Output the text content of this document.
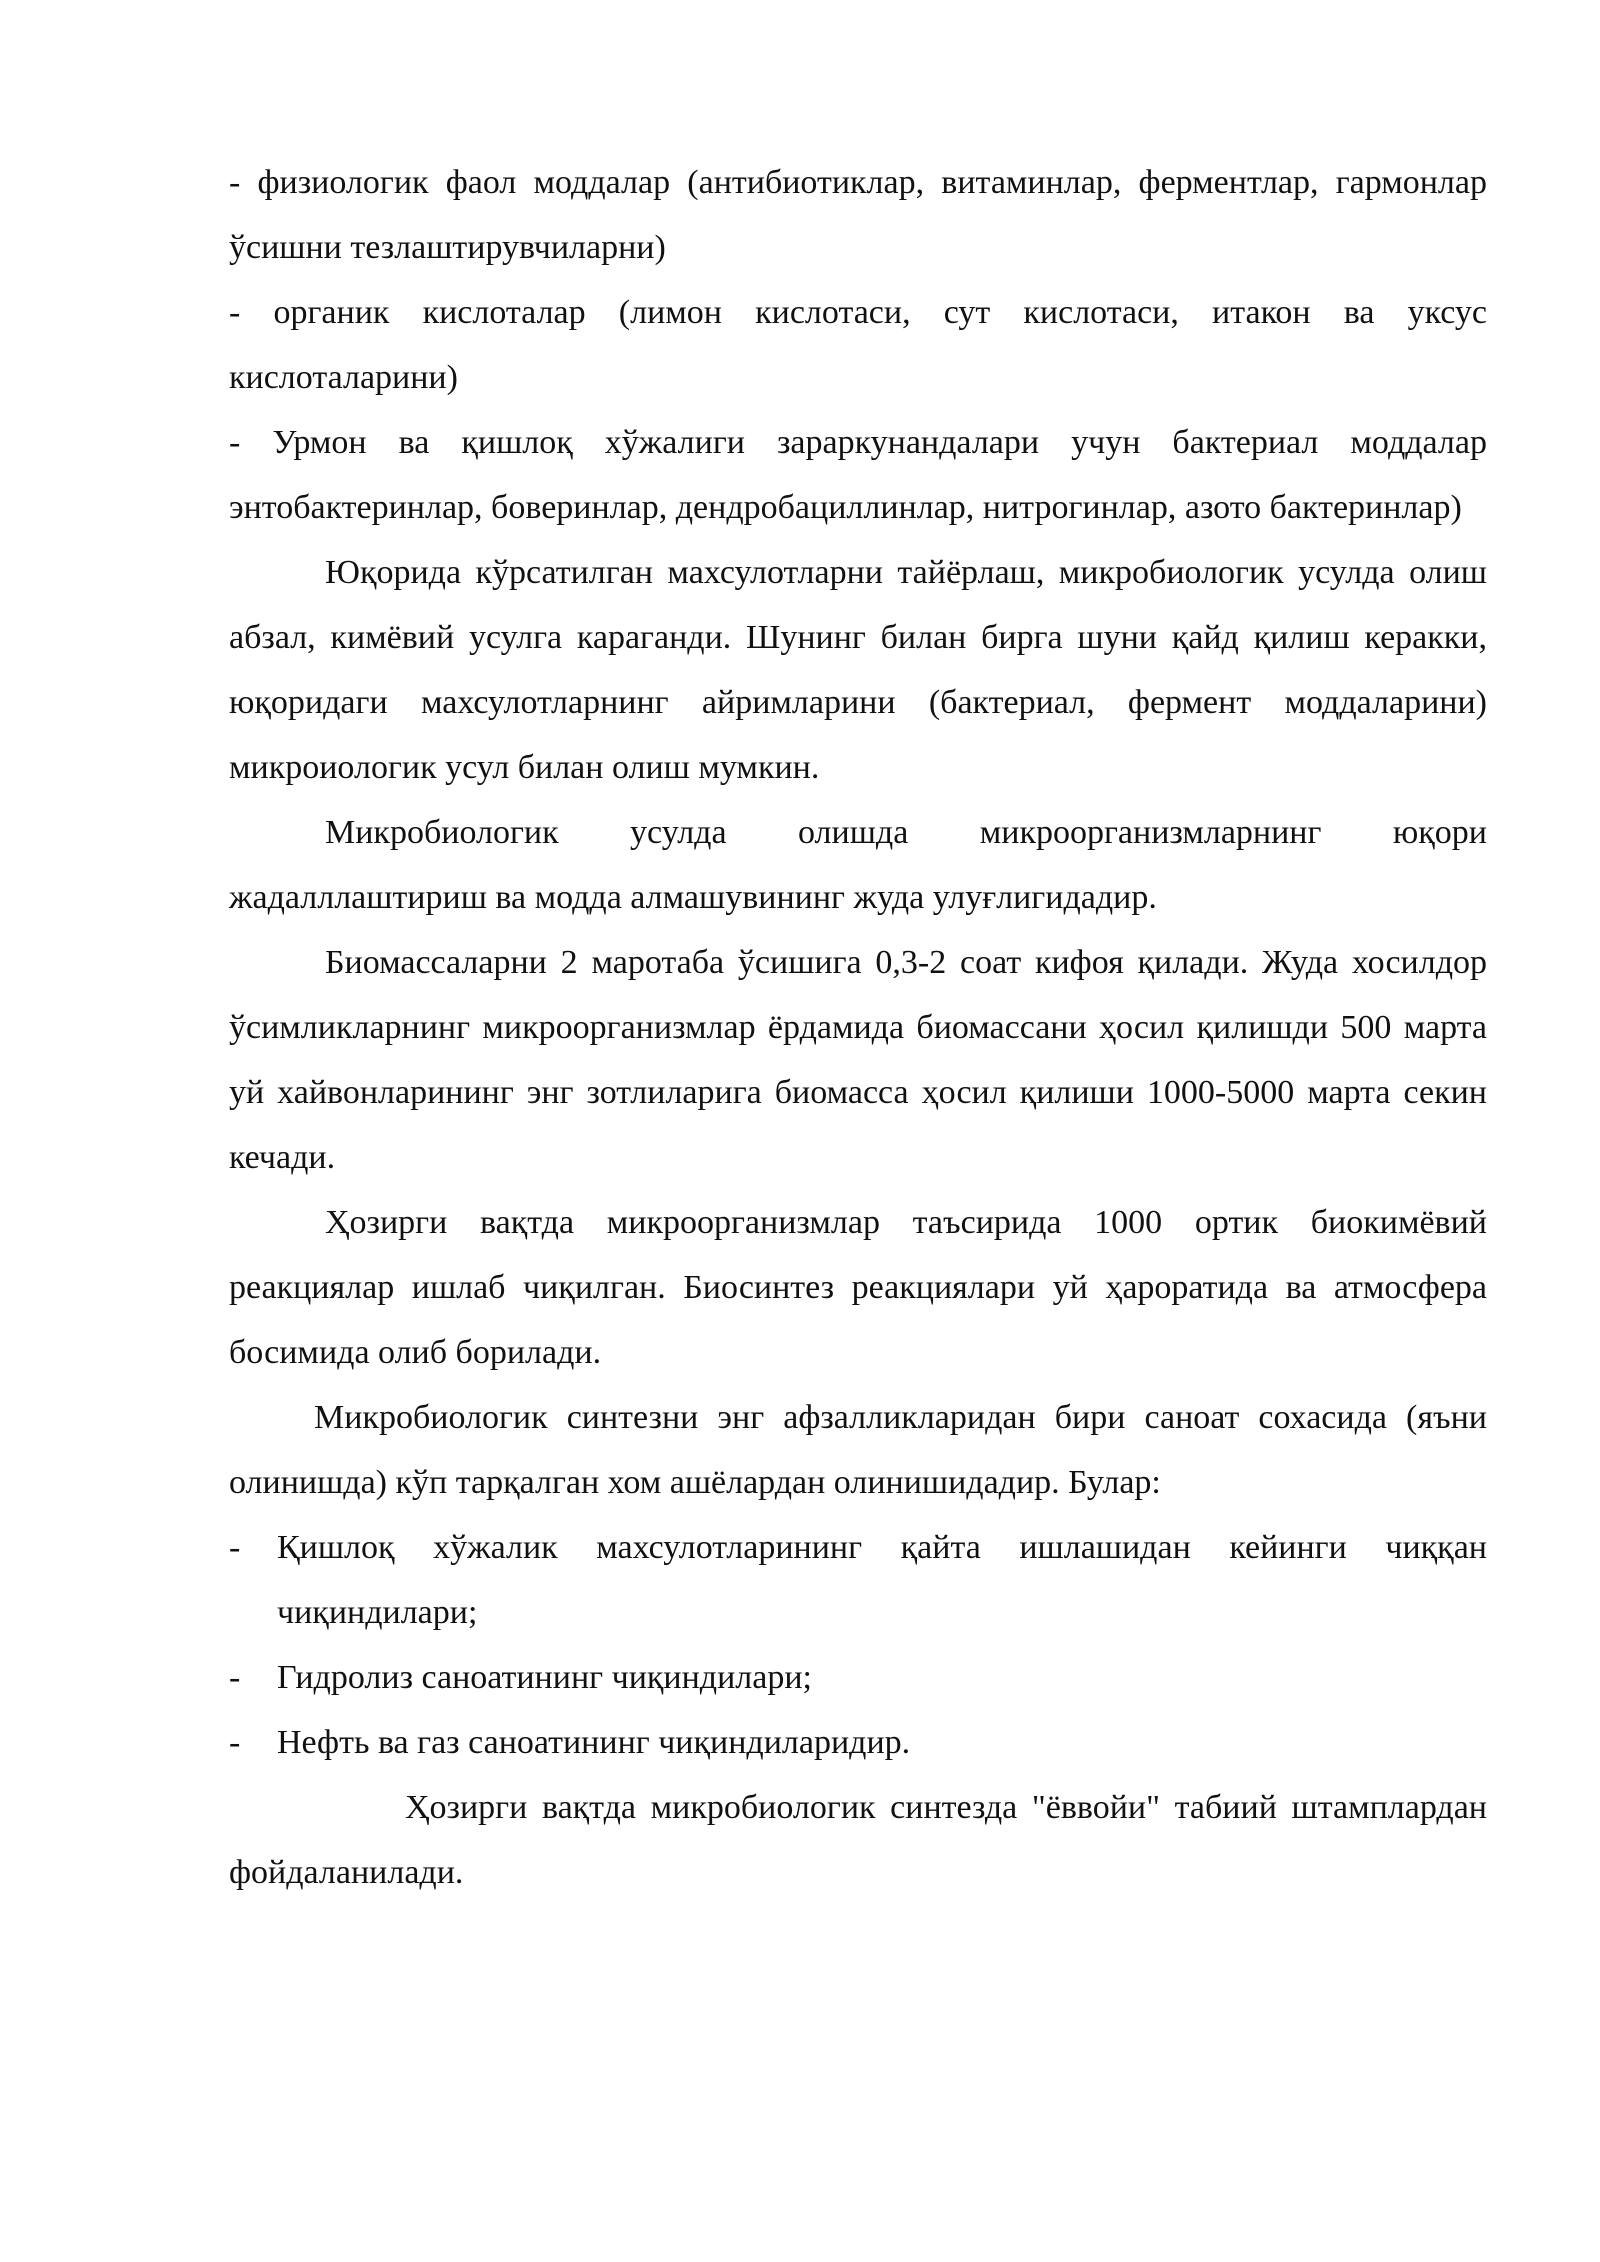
- физиологик фаол моддалар (антибиотиклар, витаминлар, ферментлар, гармонлар ўсишни тезлаштирувчиларни)

- органик кислоталар (лимон кислотаси, сут кислотаси, итакон ва уксус кислоталарини)

- Урмон ва қишлоқ хўжалиги зараркунандалари учун бактериал моддалар энтобактеринлар, боверинлар, дендробациллинлар, нитрогинлар, азото бактеринлар)

Юқорида кўрсатилган махсулотларни тайёрлаш, микробиологик усулда олиш абзал, кимёвий усулга караганди. Шунинг билан бирга шуни қайд қилиш керакки, юқоридаги махсулотларнинг айримларини (бактериал, фермент моддаларини) микроиологик усул билан олиш мумкин.

Микробиологик усулда олишда микроорганизмларнинг юқори жадалллаштириш ва модда алмашувининг жуда улуғлигидадир.

Биомассаларни 2 маротаба ўсишига 0,3-2 соат кифоя қилади. Жуда хосилдор ўсимликларнинг микроорганизмлар ёрдамида биомассани ҳосил қилишди 500 марта уй хайвонларининг энг зотлиларига биомасса ҳосил қилиши 1000-5000 марта секин кечади.

Ҳозирги вақтда микроорганизмлар таъсирида 1000 ортик биокимёвий реакциялар ишлаб чиқилган. Биосинтез реакциялари уй ҳароратида ва атмосфера босимида олиб борилади.

Микробиологик синтезни энг афзалликларидан бири саноат сохасида (яъни олинишда) кўп тарқалган хом ашёлардан олинишидадир. Булар:

-	Қишлоқ хўжалик махсулотларининг қайта ишлашидан кейинги чиққан чиқиндилари;
-	Гидролиз саноатининг чиқиндилари;
-	Нефть ва газ саноатининг чиқиндиларидир.

Ҳозирги вақтда микробиологик синтезда "ёввойи" табиий штамплардан фойдаланилади.
